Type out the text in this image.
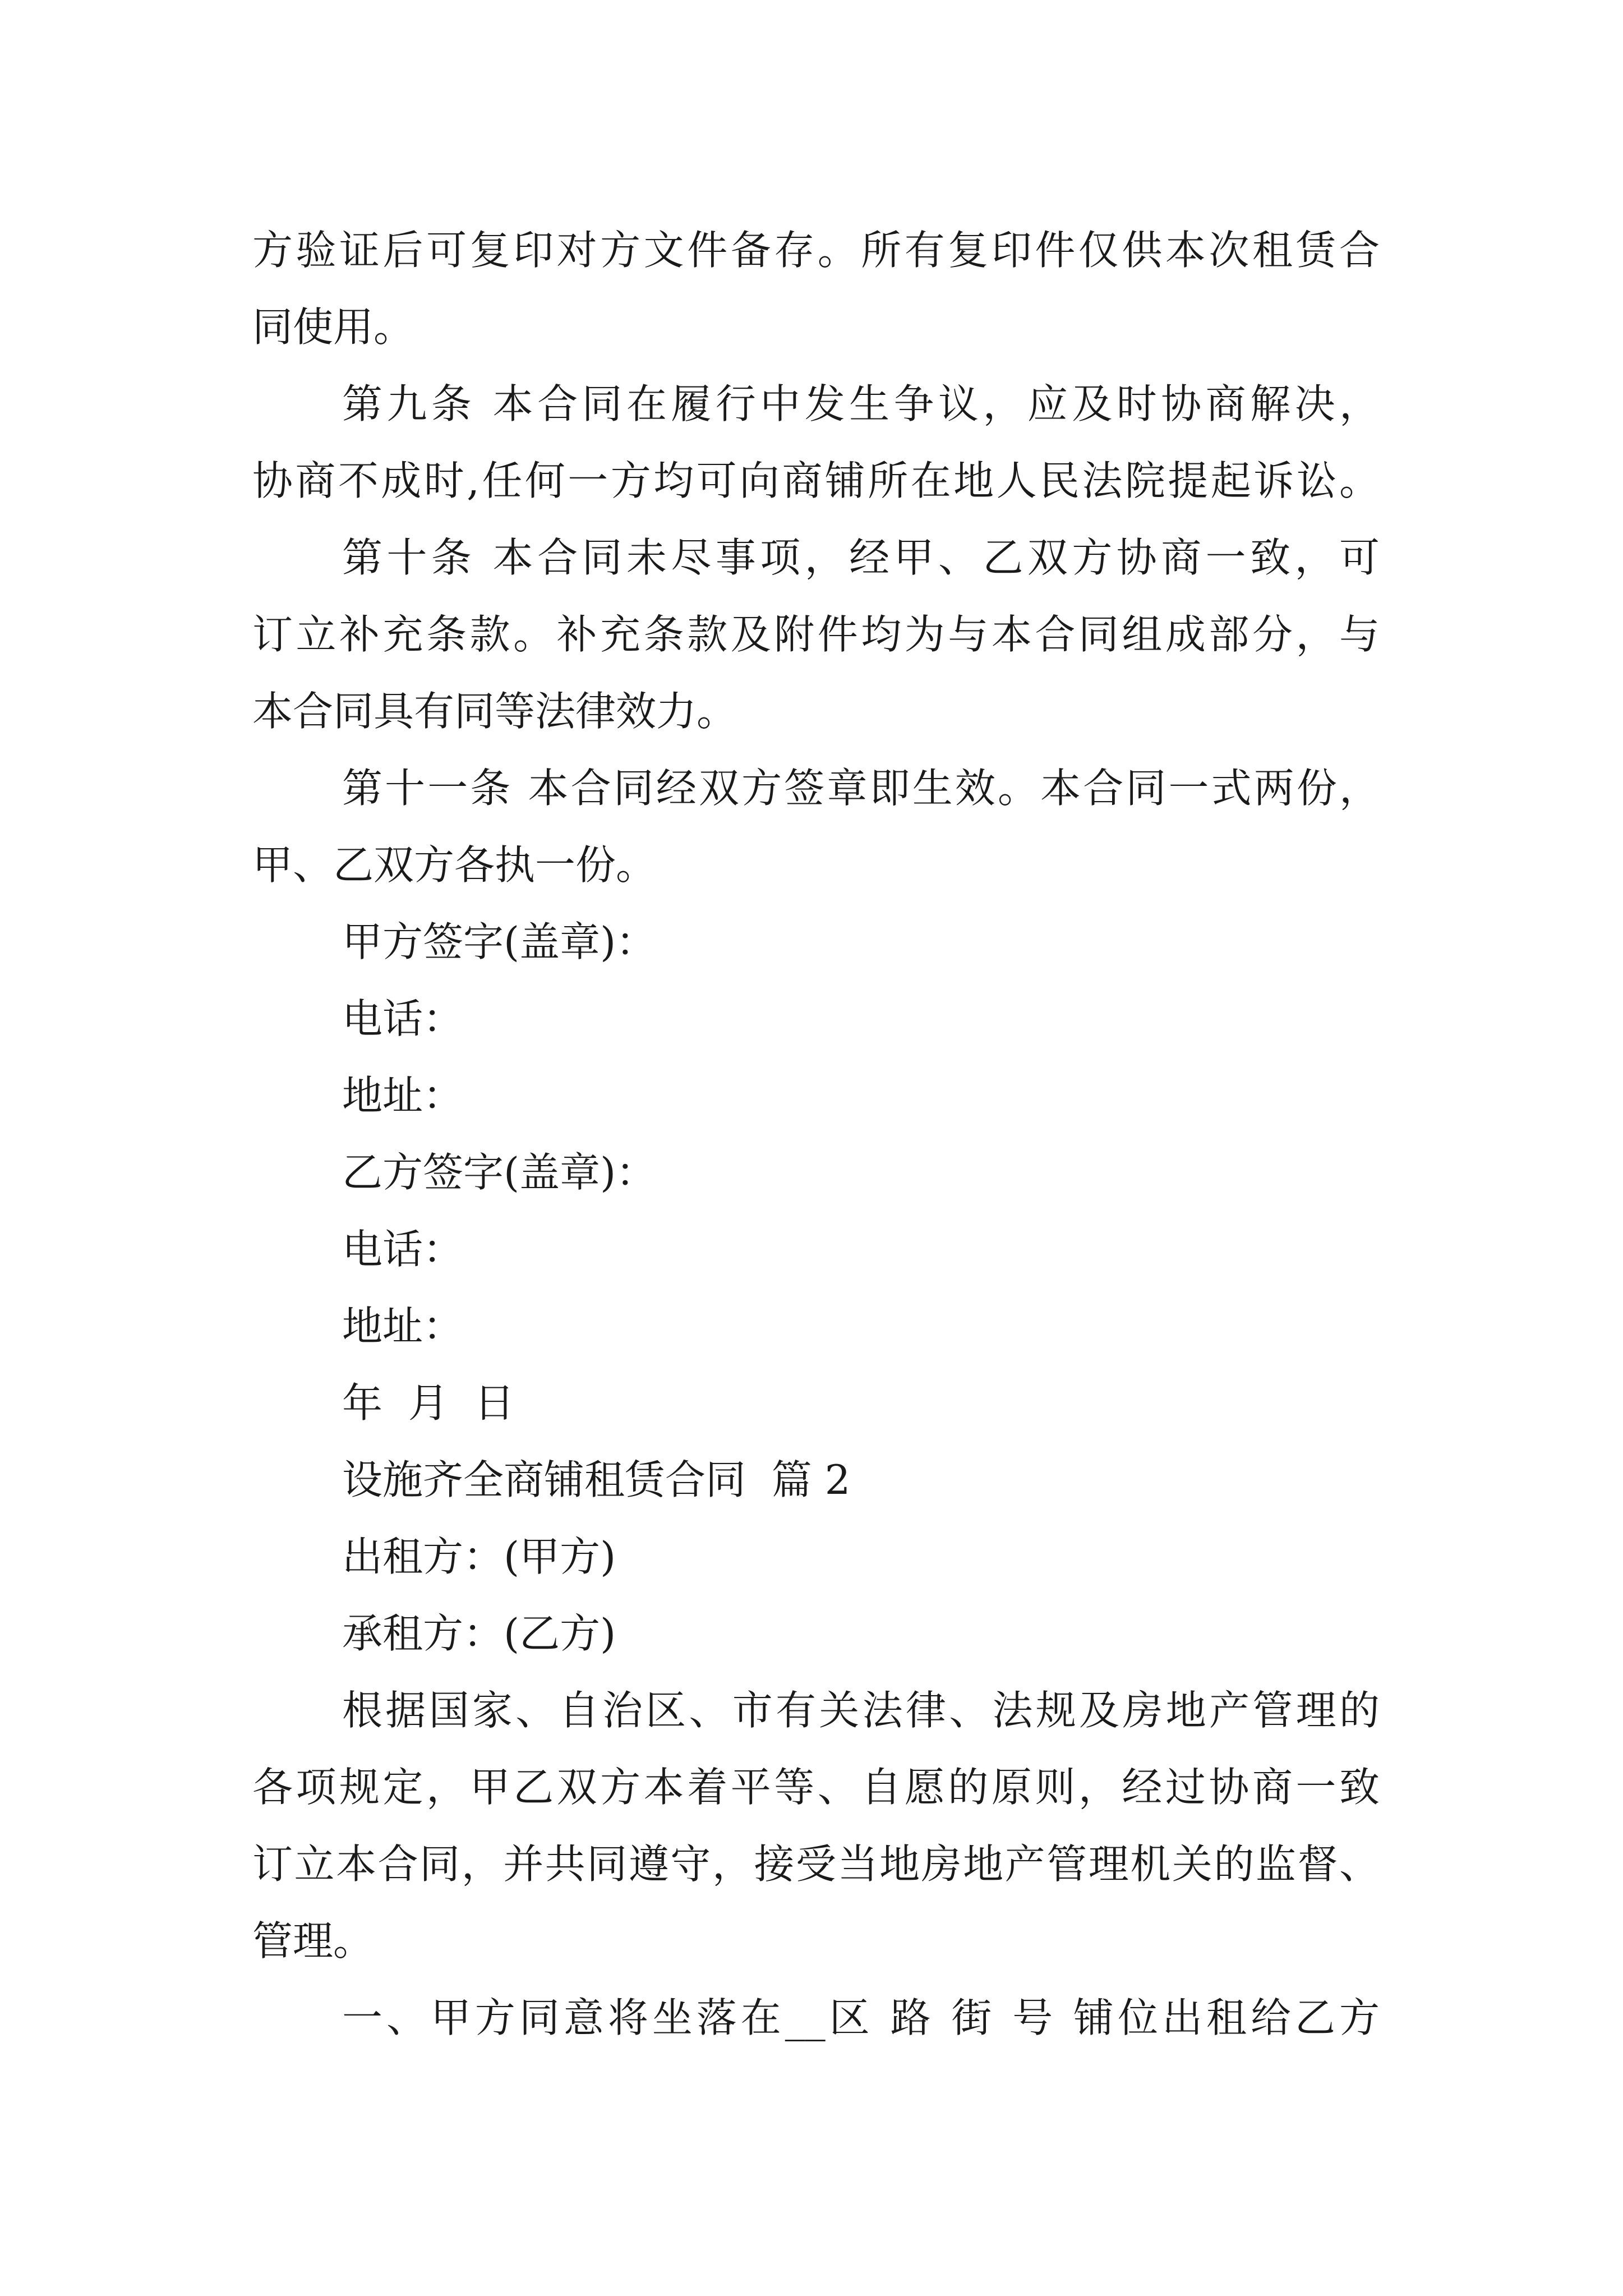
方验证后可复印对方文件备存。所有复印件仅供本次租赁合
同使用。
第九条 本合同在履行中发生争议，应及时协商解决，
协商不成时,任何一方均可向商铺所在地人民法院提起诉讼。
第十条 本合同未尽事项，经甲、乙双方协商一致，可
订立补充条款。补充条款及附件均为与本合同组成部分，与
本合同具有同等法律效力。
第十一条 本合同经双方签章即生效。本合同一式两份，
甲、乙双方各执一份。
甲方签字(盖章)：
电话：
地址：
乙方签字(盖章)：
电话：
地址：
年  月  日
设施齐全商铺租赁合同  篇 2
出租方：(甲方)
承租方：(乙方)
根据国家、自治区、市有关法律、法规及房地产管理的
各项规定，甲乙双方本着平等、自愿的原则，经过协商一致
订立本合同，并共同遵守，接受当地房地产管理机关的监督、
管理。
一、甲方同意将坐落在__区 路 街 号 铺位出租给乙方
